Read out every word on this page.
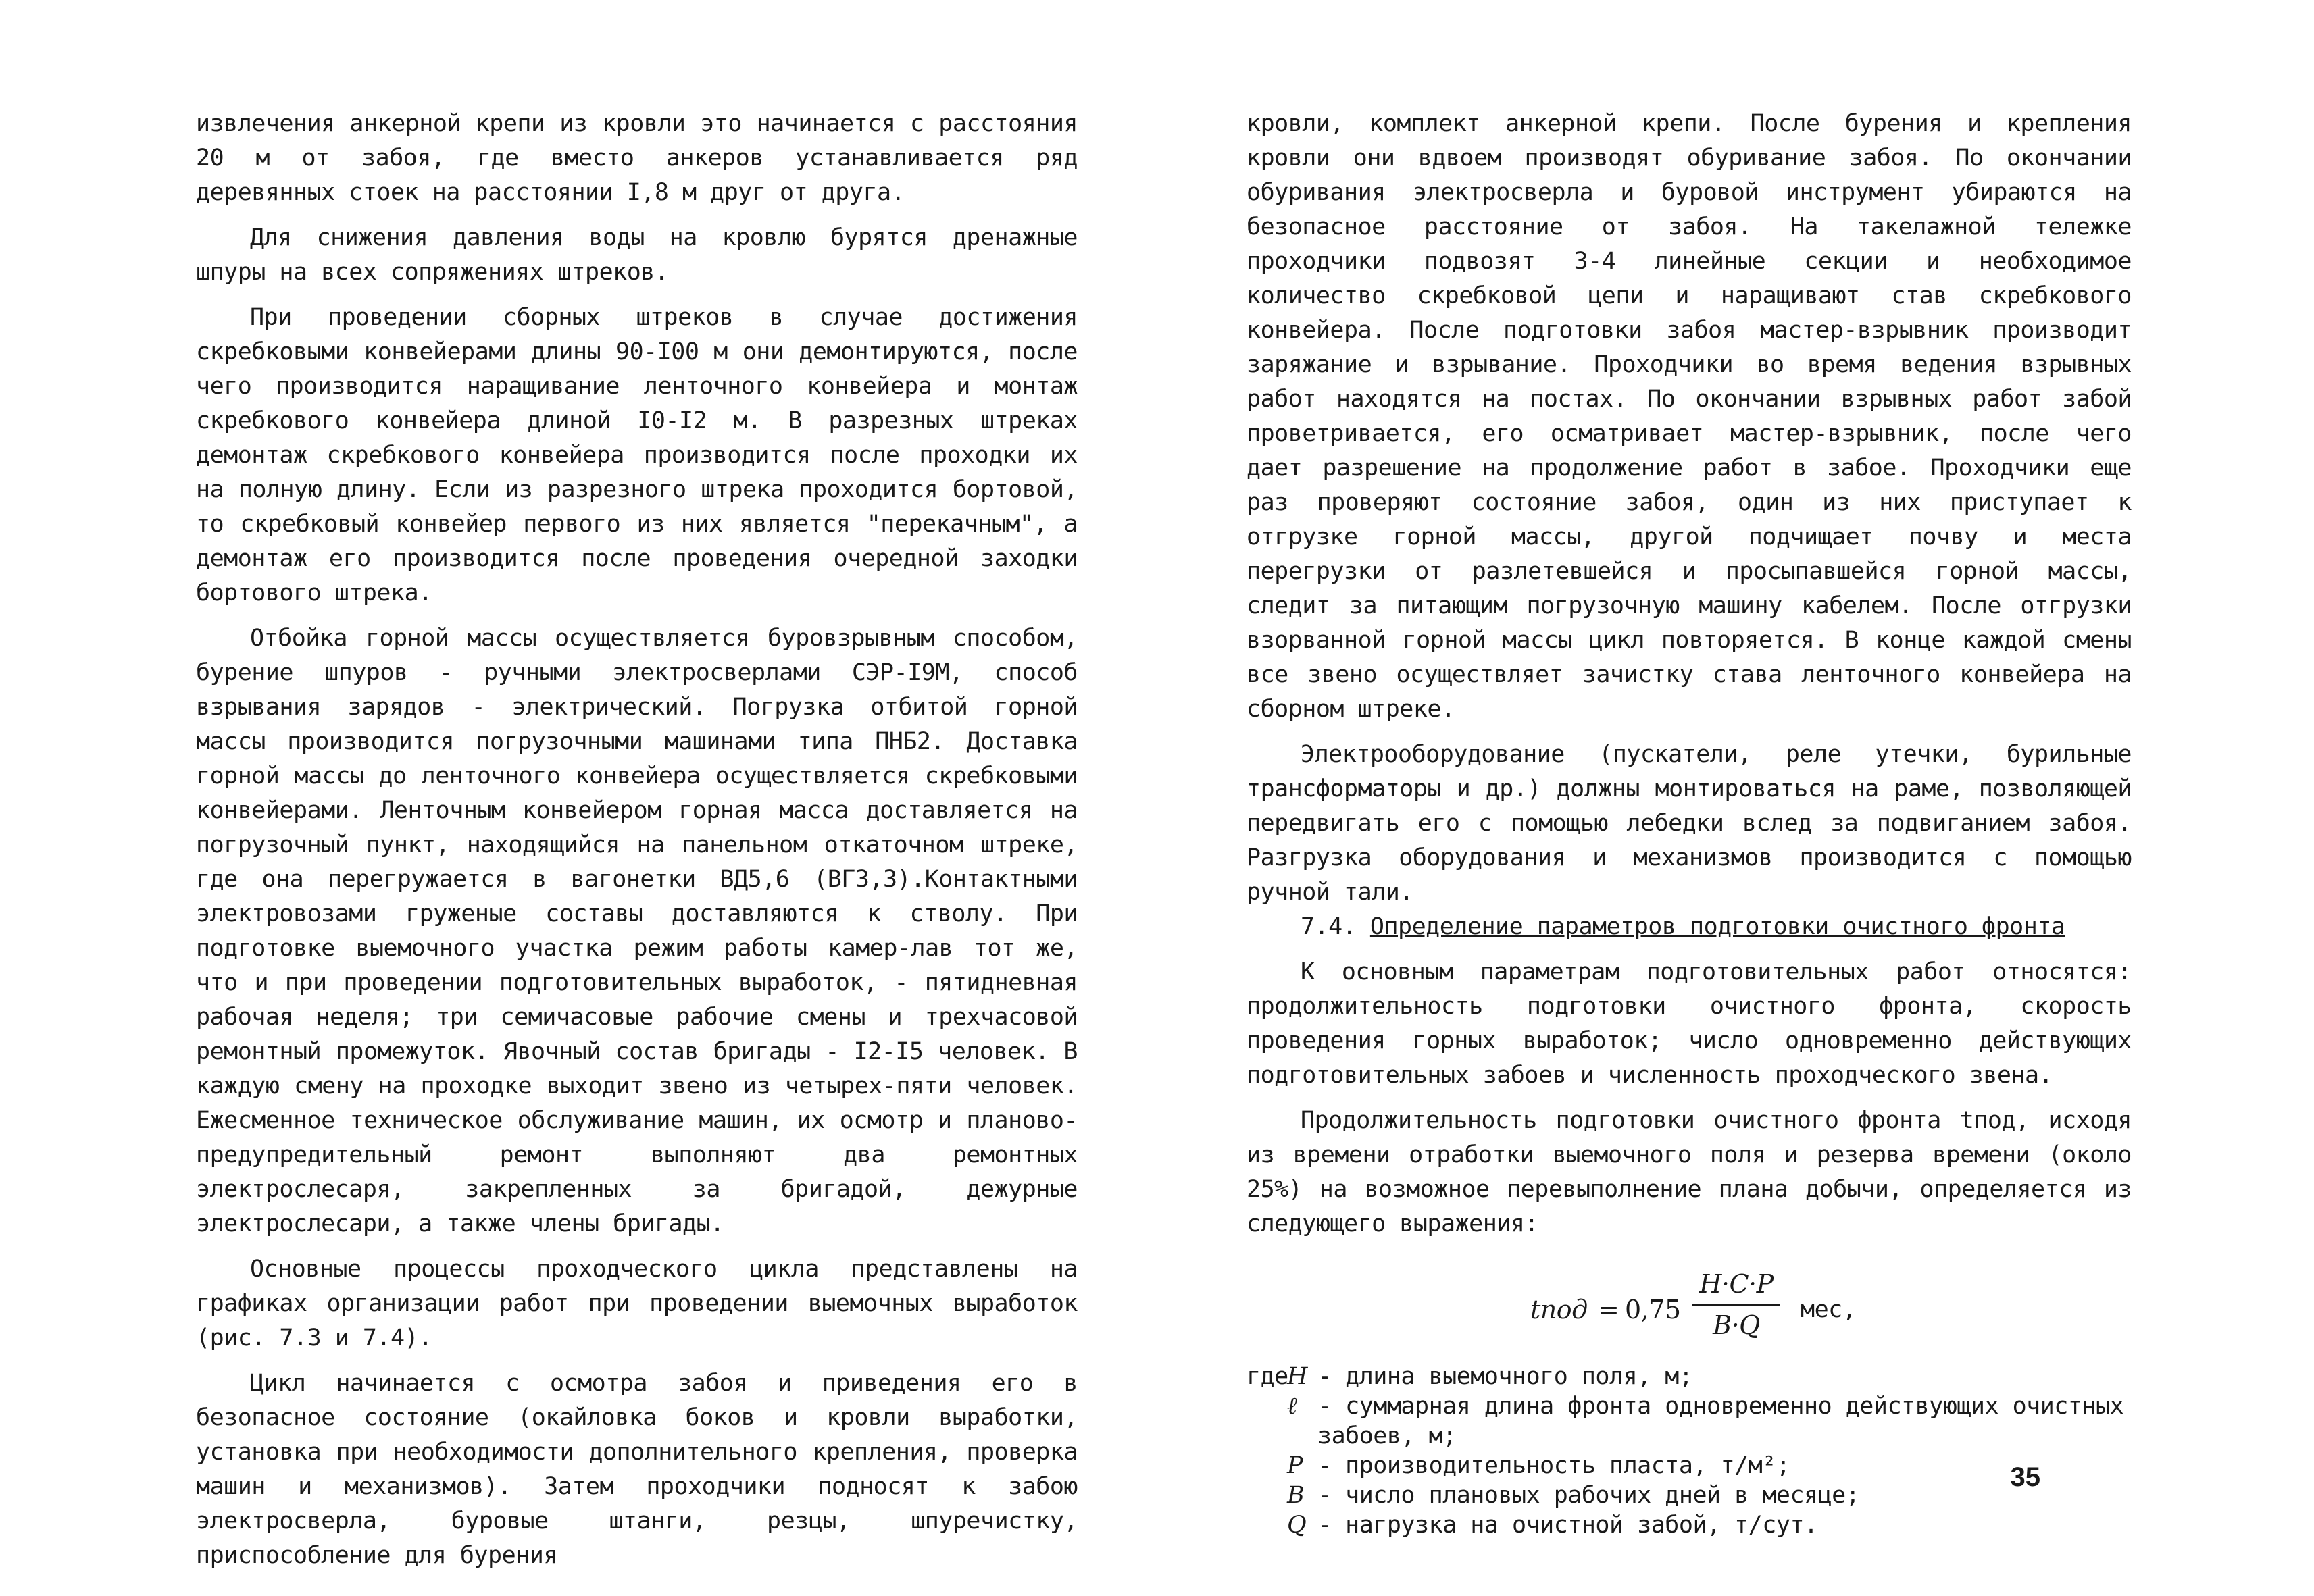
извлечения анкерной крепи из кровли это начинается с расстояния 20 м от забоя, где вместо анкеров устанавливается ряд деревянных стоек на расстоянии I,8 м друг от друга.

Для снижения давления воды на кровлю бурятся дренажные шпуры на всех сопряжениях штреков.

При проведении сборных штреков в случае достижения скребковыми конвейерами длины 90-I00 м они демонтируются, после чего производится наращивание ленточного конвейера и монтаж скребкового конвейера длиной I0-I2 м. В разрезных штреках демонтаж скребкового конвейера производится после проходки их на полную длину. Если из разрезного штрека проходится бортовой, то скребковый конвейер первого из них является "перекачным", а демонтаж его производится после проведения очередной заходки бортового штрека.

Отбойка горной массы осуществляется буровзрывным способом, бурение шпуров - ручными электросверлами СЭР-I9М, способ взрывания зарядов - электрический. Погрузка отбитой горной массы производится погрузочными машинами типа ПНБ2. Доставка горной массы до ленточного конвейера осуществляется скребковыми конвейерами. Ленточным конвейером горная масса доставляется на погрузочный пункт, находящийся на панельном откаточном штреке, где она перегружается в вагонетки ВД5,6 (ВГЗ,3).Контактными электровозами груженые составы доставляются к стволу. При подготовке выемочного участка режим работы камер-лав тот же, что и при проведении подготовительных выработок, - пятидневная рабочая неделя; три семичасовые рабочие смены и трехчасовой ремонтный промежуток. Явочный состав бригады - I2-I5 человек. В каждую смену на проходке выходит звено из четырех-пяти человек. Ежесменное техническое обслуживание машин, их осмотр и планово-предупредительный ремонт выполняют два ремонтных электрослесаря, закрепленных за бригадой, дежурные электрослесари, а также члены бригады.

Основные процессы проходческого цикла представлены на графиках организации работ при проведении выемочных выработок (рис. 7.3 и 7.4).

Цикл начинается с осмотра забоя и приведения его в безопасное состояние (окайловка боков и кровли выработки, установка при необходимости дополнительного крепления, проверка машин и механизмов). Затем проходчики подносят к забою электросверла, буровые штанги, резцы, шпуречистку, приспособление для бурения

кровли, комплект анкерной крепи. После бурения и крепления кровли они вдвоем производят обуривание забоя. По окончании обуривания электросверла и буровой инструмент убираются на безопасное расстояние от забоя. На такелажной тележке проходчики подвозят 3-4 линейные секции и необходимое количество скребковой цепи и наращивают став скребкового конвейера. После подготовки забоя мастер-взрывник производит заряжание и взрывание. Проходчики во время ведения взрывных работ находятся на постах. По окончании взрывных работ забой проветривается, его осматривает мастер-взрывник, после чего дает разрешение на продолжение работ в забое. Проходчики еще раз проверяют состояние забоя, один из них приступает к отгрузке горной массы, другой подчищает почву и места перегрузки от разлетевшейся и просыпавшейся горной массы, следит за питающим погрузочную машину кабелем. После отгрузки взорванной горной массы цикл повторяется. В конце каждой смены все звено осуществляет зачистку става ленточного конвейера на сборном штреке.

Электрооборудование (пускатели, реле утечки, бурильные трансформаторы и др.) должны монтироваться на раме, позволяющей передвигать его с помощью лебедки вслед за подвиганием забоя. Разгрузка оборудования и механизмов производится с помощью ручной тали.

7.4. Определение параметров подготовки очистного фронта

К основным параметрам подготовительных работ относятся: продолжительность подготовки очистного фронта, скорость проведения горных выработок; число одновременно действующих подготовительных забоев и численность проходческого звена.

Продолжительность подготовки очистного фронта tпод, исходя из времени отработки выемочного поля и резерва времени (около 25%) на возможное перевыполнение плана добычи, определяется из следующего выражения:

tпод = $0,75 \frac{H\cdot C\cdot P}{B\cdot Q}$ мес,
где
H - длина выемочного поля, м;
ℓ - суммарная длина фронта одновременно действующих очистных забоев, м;
P - производительность пласта, т/м²;
B - число плановых рабочих дней в месяце;
Q - нагрузка на очистной забой, т/сут.
35
